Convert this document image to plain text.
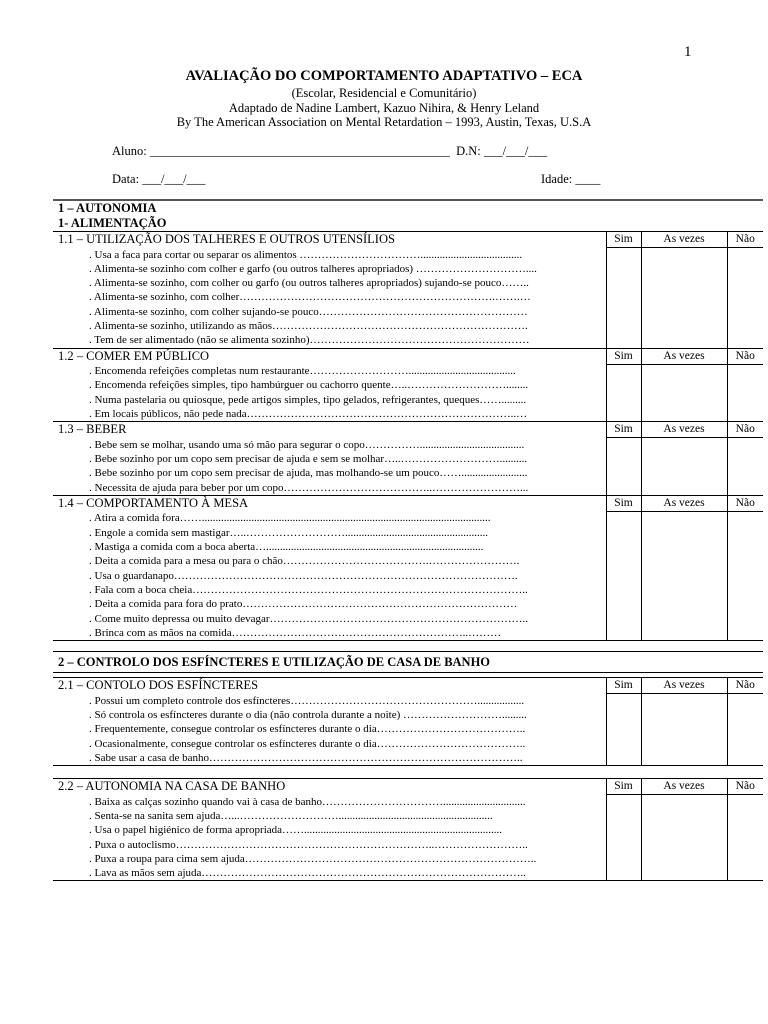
1
AVALIAÇÃO DO COMPORTAMENTO ADAPTATIVO – ECA
(Escolar, Residencial e Comunitário)
Adaptado de Nadine Lambert, Kazuo Nihira, & Henry Leland
By The American Association on Mental Retardation – 1993, Austin, Texas, U.S.A
Aluno: ________________________________________________  D.N: ___/___/___
Data: ___/___/___	Idade: ____
1 – AUTONOMIA			
1- ALIMENTAÇÃO			
1.1 – UTILIZAÇÃO DOS TALHERES E OUTROS UTENSÍLIOS	Sim	As vezes	Não
. Usa a faca para cortar ou separar os alimentos …………………………….....................................			
. Alimenta-se sozinho com colher e garfo (ou outros talheres apropriados) …………………………....			
. Alimenta-se sozinho, com colher ou garfo (ou outros talheres apropriados) sujando-se pouco……..			
. Alimenta-se sozinho, com colher…………………………………………………………….…….…			
. Alimenta-se sozinho, com colher sujando-se pouco…………………………………………………			
. Alimenta-se sozinho, utilizando as mãos…………………………………………………………….			
. Tem de ser alimentado (não se alimenta sozinho)……………………………………………………			
1.2 – COMER EM PÚBLICO	Sim	As vezes	Não
. Encomenda refeições completas num restaurante……………………….......................................			
. Encomenda refeições simples, tipo hambúrguer ou cachorro quente…..………………………........			
. Numa pastelaria ou quiosque, pede artigos simples, tipo gelados, refrigerantes, queques…….........			
. Em locais públicos, não pede nada………………………………………………………………..…			
1.3 – BEBER	Sim	As vezes	Não
. Bebe sem se molhar, usando uma só mão para segurar o copo……………......................................			
. Bebe sozinho por um copo sem precisar de ajuda e sem se molhar…..………………………..........			
. Bebe sozinho por um copo sem precisar de ajuda, mas molhando-se um pouco……........................			
. Necessita de ajuda para beber por um copo…………………………………..……………………...			
1.4 – COMPORTAMENTO À MESA	Sim	As vezes	Não
. Atira a comida fora…….........................................................................................................			
. Engole a comida sem mastigar…..………………………....................................................			
. Mastiga a comida com a boca aberta…...............................................................................			
. Deita a comida para a mesa ou para o chão………………………………….…………………….			
. Usa o guardanapo………………………………………………………………………………….			
. Fala com a boca cheia………………………………………………………………………………..			
. Deita a comida para fora do prato…………………………………………………………………			
. Come muito depressa ou muito devagar……………………………………………………………..			
. Brinca com as mãos na comida………………………………………………………..………			

2 – CONTROLO DOS ESFÍNCTERES E UTILIZAÇÃO DE CASA DE BANHO			

2.1 – CONTOLO DOS ESFÍNCTERES	Sim	As vezes	Não
. Possui um completo controle dos esfíncteres…………………………………………….................			
. Só controla os esfíncteres durante o dia (não controla durante a noite) ……………………….........			
. Frequentemente, consegue controlar os esfíncteres durante o dia…………………………………..			
. Ocasionalmente, consegue controlar os esfíncteres durante o dia…………………………………..			
. Sabe usar a casa de banho…………………………………………………………………………..			

2.2 – AUTONOMIA NA CASA DE BANHO	Sim	As vezes	Não
. Baixa as calças sozinho quando vai à casa de banho……………………………..............................			
. Senta-se na sanita sem ajuda…...………………………........................................................			
. Usa o papel higiénico de forma apropriada……........................................................................			
. Puxa o autoclismo……………………………………………………………..……………………..			
. Puxa a roupa para cima sem ajuda……………………………………………………………………..			
. Lava as mãos sem ajuda……………………………………………………………………………..			
